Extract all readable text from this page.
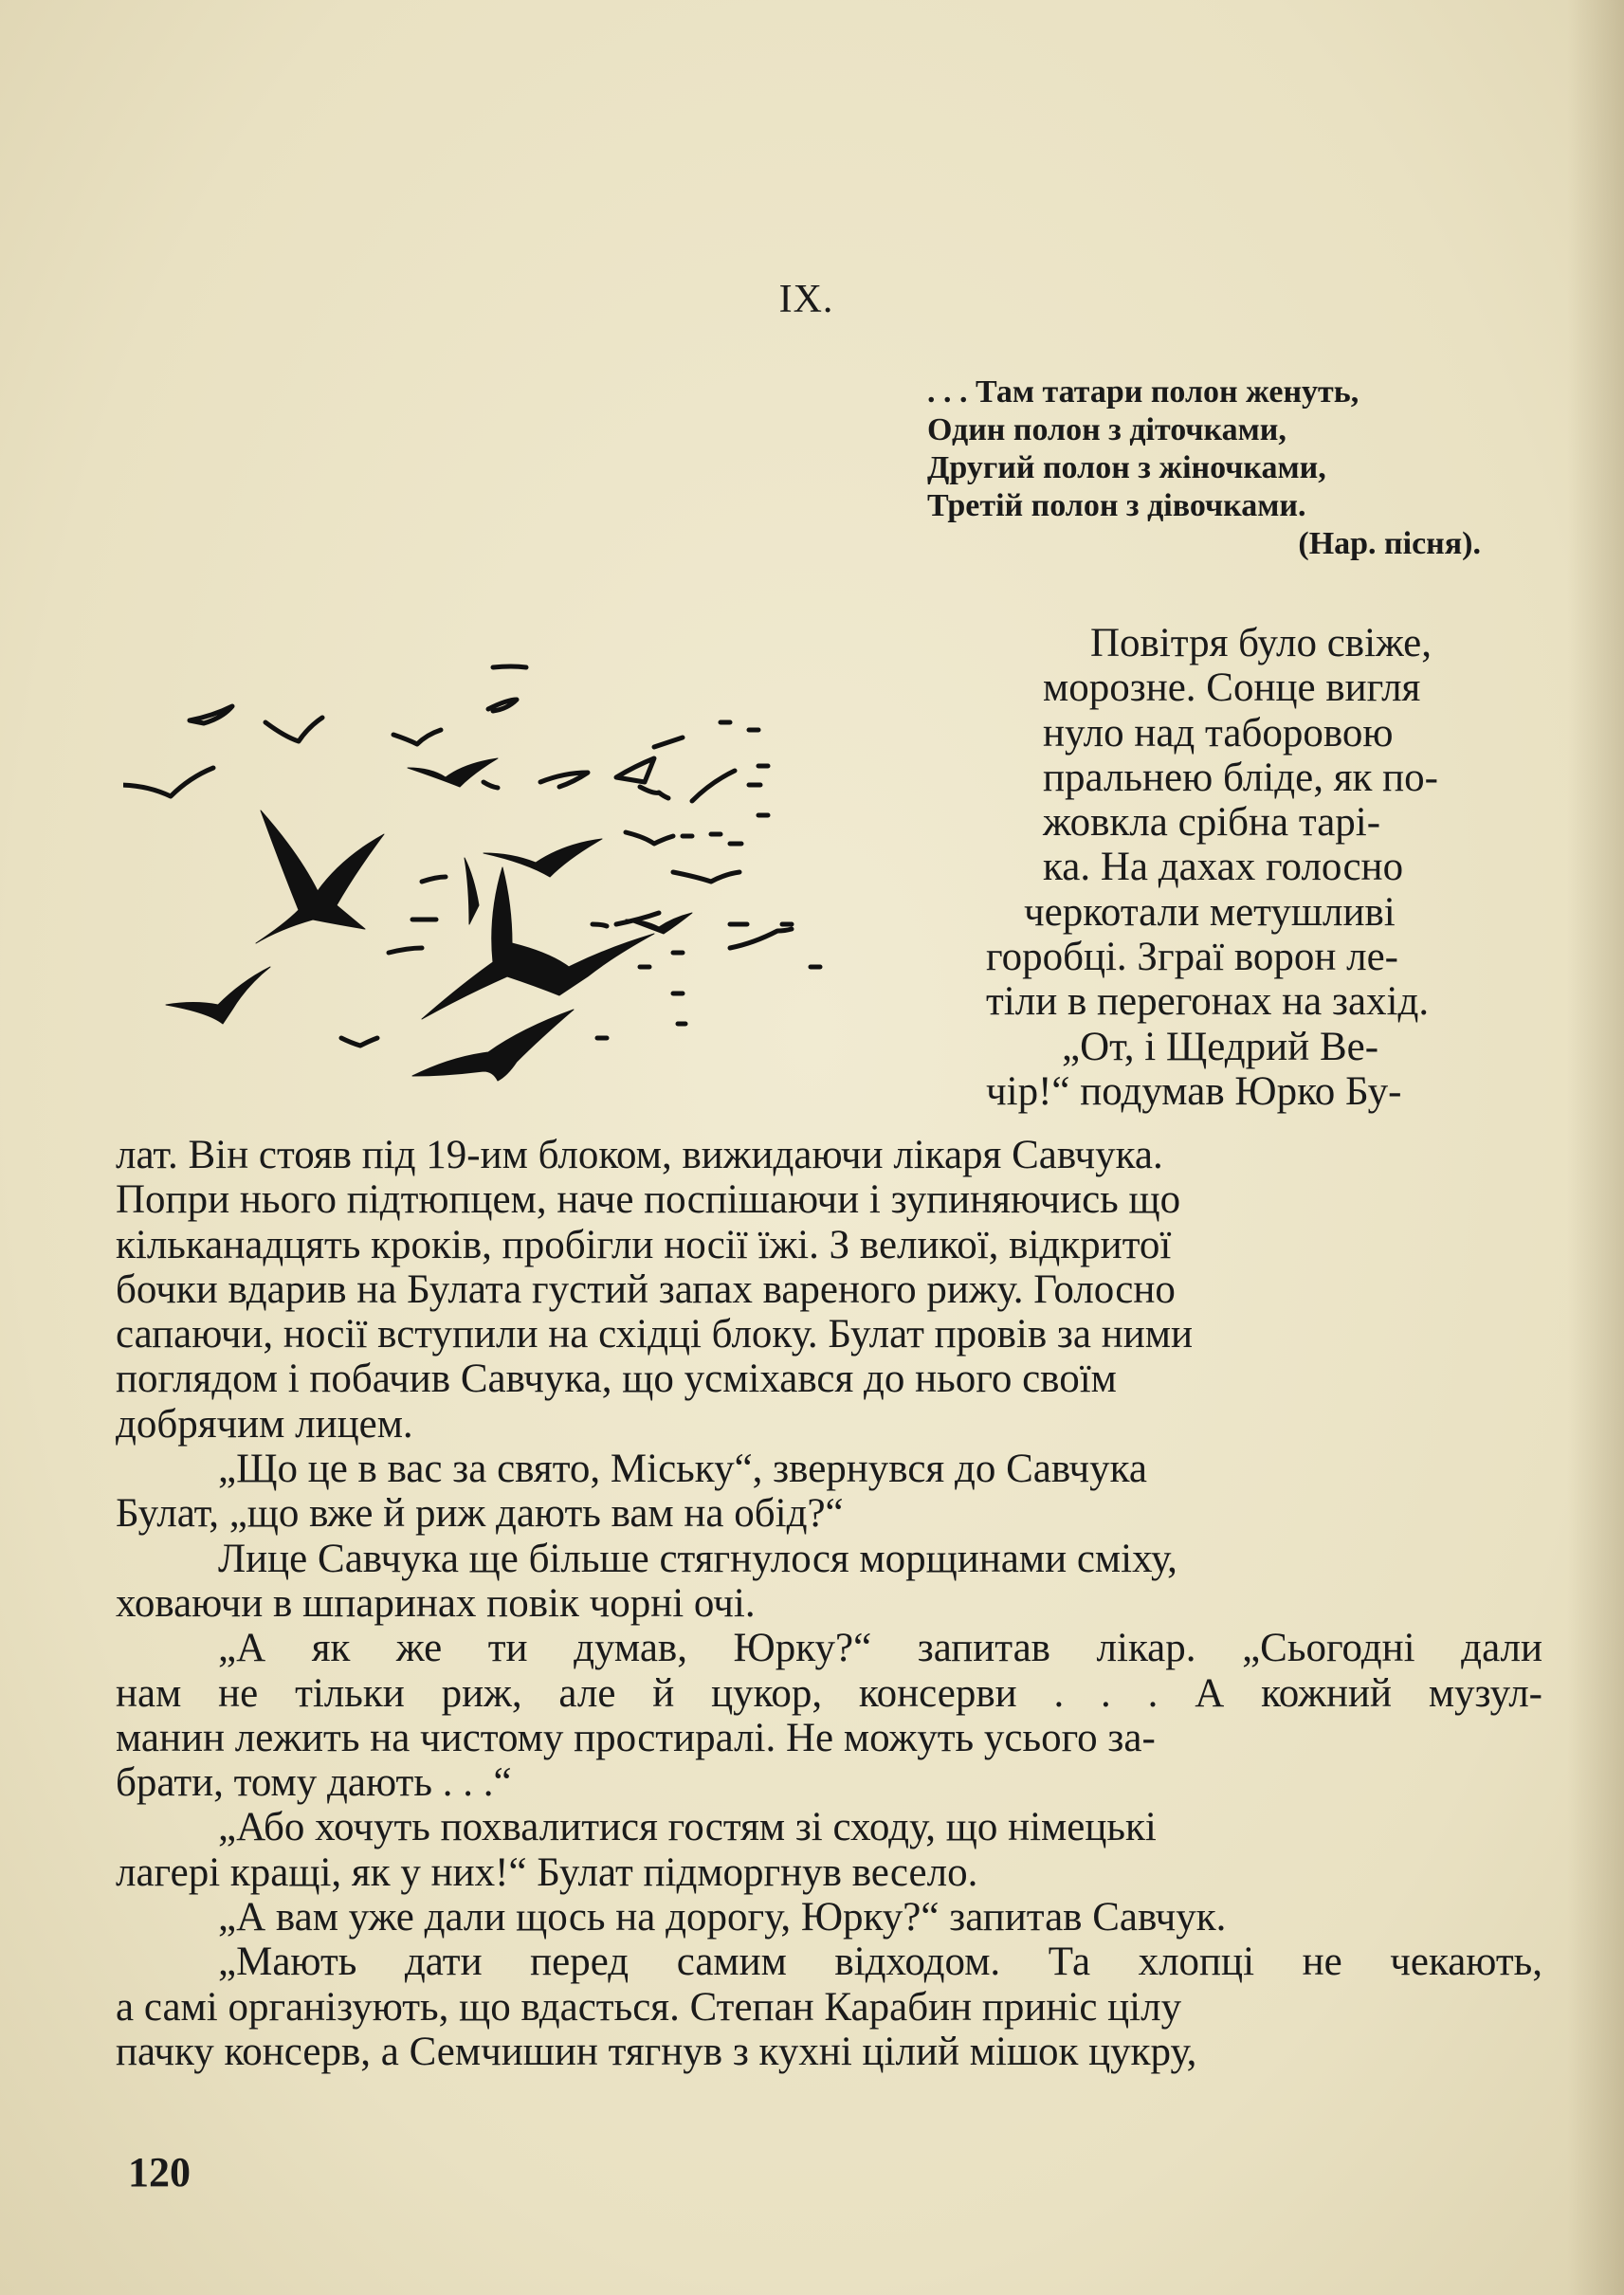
IX.
. . . Там татари полон женуть,
Один полон з діточками,
Другий полон з жіночками,
Третій полон з дівочками.
(Нар. пісня).
Повітря було свіже,
морозне. Сонце вигля
нуло над таборовою
пральнею бліде, як по-
жовкла срібна тарі-
ка. На дахах голосно
черкотали метушливі
горобці. Зграї ворон ле-
тіли в перегонах на захід.
„От, і Щедрий Ве-
чір!“ подумав Юрко Бу-
лат. Він стояв під 19-им блоком, вижидаючи лікаря Савчука.
Попри нього підтюпцем, наче поспішаючи і зупиняючись що
кільканадцять кроків, пробігли носії їжі. З великої, відкритої
бочки вдарив на Булата густий запах вареного рижу. Голосно
сапаючи, носії вступили на східці блоку. Булат провів за ними
поглядом і побачив Савчука, що усміхався до нього своїм
добрячим лицем.
„Що це в вас за свято, Міську“, звернувся до Савчука
Булат, „що вже й риж дають вам на обід?“
Лице Савчука ще більше стягнулося морщинами сміху,
ховаючи в шпаринах повік чорні очі.
„А як же ти думав, Юрку?“ запитав лікар. „Сьогодні дали
нам не тільки риж, але й цукор, консерви . . . А кожний музул-
манин лежить на чистому простиралі. Не можуть усього за-
брати, тому дають . . .“
„Або хочуть похвалитися гостям зі сходу, що німецькі
лагері кращі, як у них!“ Булат підморгнув весело.
„А вам уже дали щось на дорогу, Юрку?“ запитав Савчук.
„Мають дати перед самим відходом. Та хлопці не чекають,
а самі організують, що вдасться. Степан Карабин приніс цілу
пачку консерв, а Семчишин тягнув з кухні цілий мішок цукру,
120
